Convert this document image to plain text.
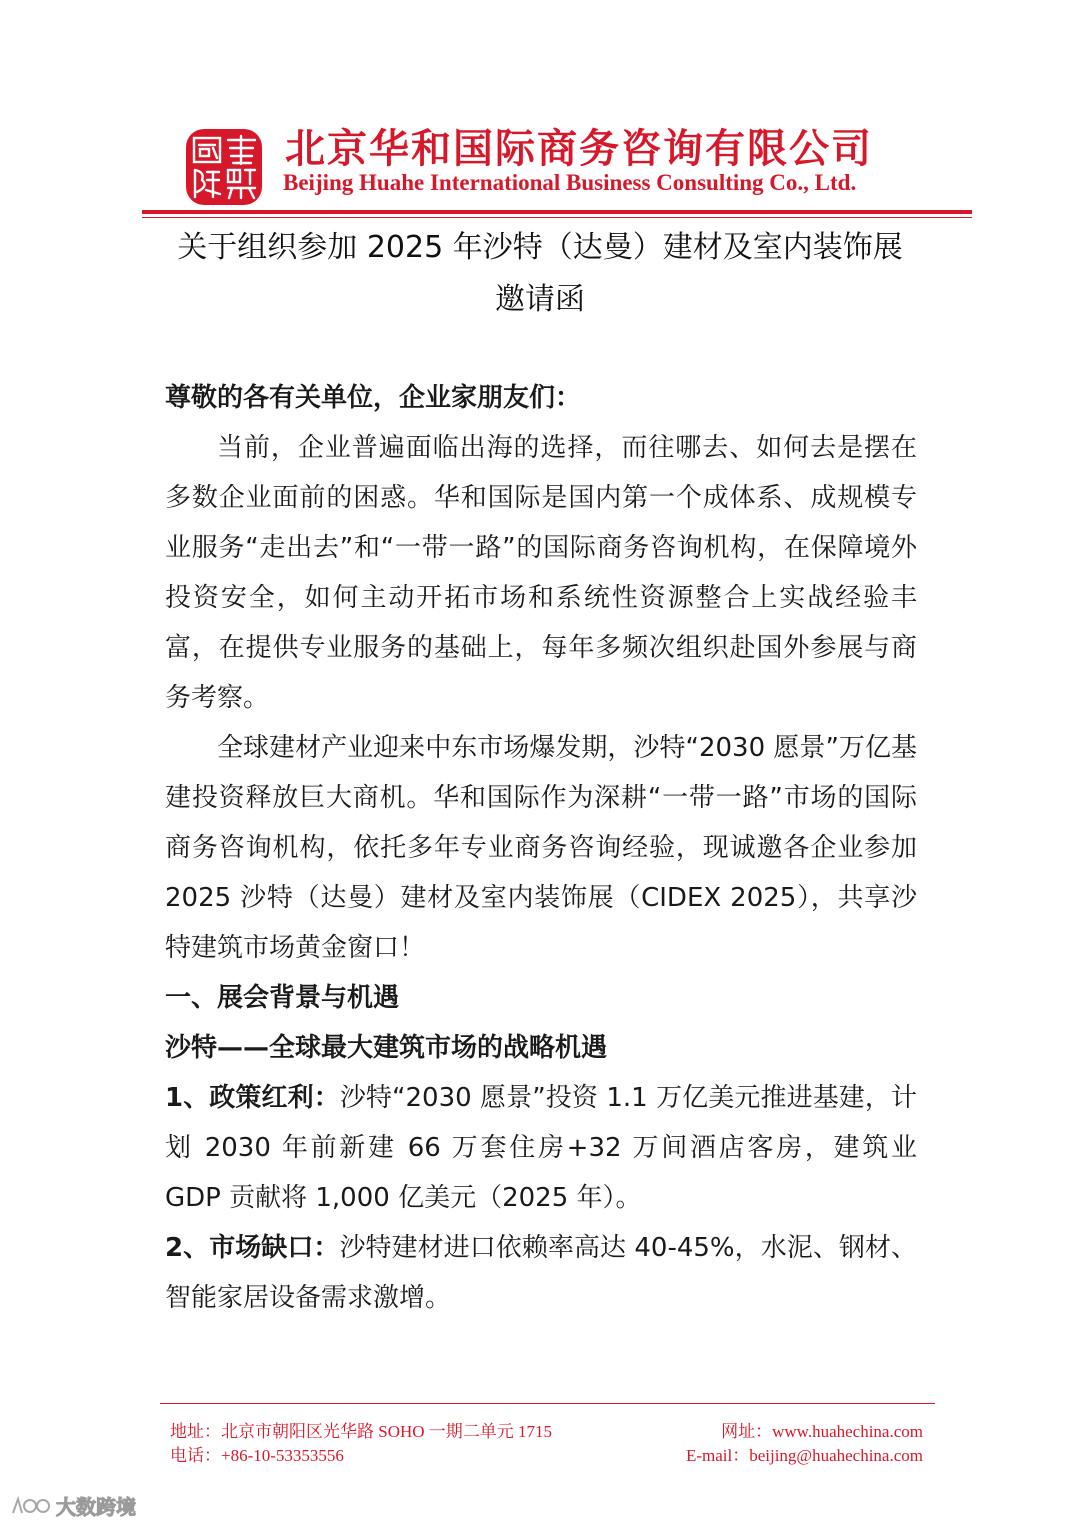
北京华和国际商务咨询有限公司
Beijing Huahe International Business Consulting Co., Ltd.
关于组织参加 2025 年沙特（达曼）建材及室内装饰展
邀请函

尊敬的各有关单位，企业家朋友们：

当前，企业普遍面临出海的选择，而往哪去、如何去是摆在多数企业面前的困惑。华和国际是国内第一个成体系、成规模专业服务“走出去”和“一带一路”的国际商务咨询机构，在保障境外投资安全，如何主动开拓市场和系统性资源整合上实战经验丰富，在提供专业服务的基础上，每年多频次组织赴国外参展与商务考察。

全球建材产业迎来中东市场爆发期，沙特“2030 愿景”万亿基建投资释放巨大商机。华和国际作为深耕“一带一路”市场的国际商务咨询机构，依托多年专业商务咨询经验，现诚邀各企业参加 2025 沙特（达曼）建材及室内装饰展（CIDEX 2025），共享沙特建筑市场黄金窗口！

一、展会背景与机遇

沙特——全球最大建筑市场的战略机遇

1、政策红利：沙特“2030 愿景”投资 1.1 万亿美元推进基建，计划 2030 年前新建 66 万套住房+32 万间酒店客房，建筑业 GDP 贡献将 1,000 亿美元（2025 年）。

2、市场缺口：沙特建材进口依赖率高达 40-45%，水泥、钢材、智能家居设备需求激增。

地址：北京市朝阳区光华路 SOHO 一期二单元 1715
电话：+86-10-53353556
网址：www.huahechina.com
E-mail：beijing@huahechina.com
大数跨境
